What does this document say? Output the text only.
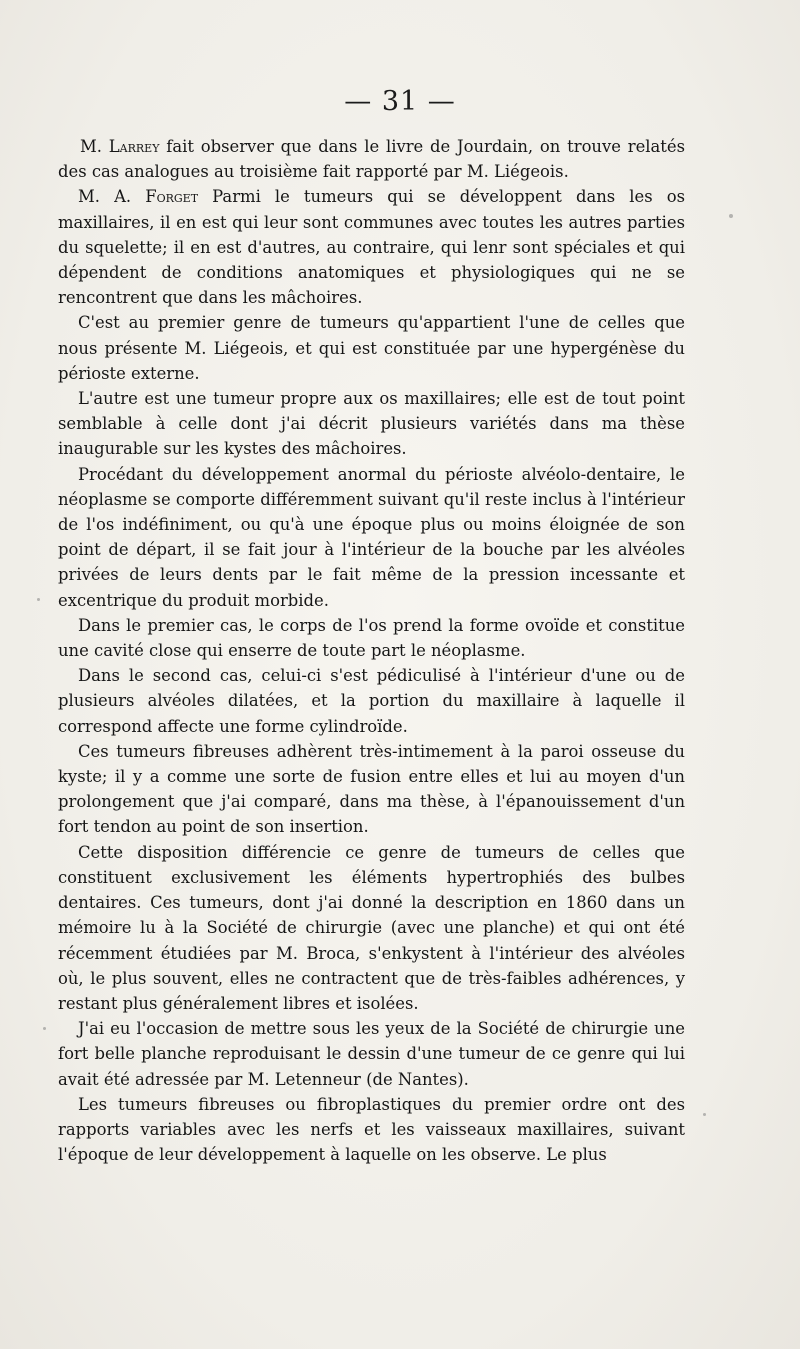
— 31 —

M. Larrey fait observer que dans le livre de Jourdain, on trouve relatés des cas analogues au troisième fait rapporté par M. Liégeois.

M. A. Forget Parmi le tumeurs qui se développent dans les os maxillaires, il en est qui leur sont communes avec toutes les autres parties du squelette; il en est d'autres, au contraire, qui lenr sont spéciales et qui dépendent de conditions anatomiques et physiologiques qui ne se rencontrent que dans les mâchoires.

C'est au premier genre de tumeurs qu'appartient l'une de celles que nous présente M. Liégeois, et qui est constituée par une hypergénèse du périoste externe.

L'autre est une tumeur propre aux os maxillaires; elle est de tout point semblable à celle dont j'ai décrit plusieurs variétés dans ma thèse inaugurable sur les kystes des mâchoires.

Procédant du développement anormal du périoste alvéolo-dentaire, le néoplasme se comporte différemment suivant qu'il reste inclus à l'intérieur de l'os indéfiniment, ou qu'à une époque plus ou moins éloignée de son point de départ, il se fait jour à l'intérieur de la bouche par les alvéoles privées de leurs dents par le fait même de la pression incessante et excentrique du produit morbide.

Dans le premier cas, le corps de l'os prend la forme ovoïde et constitue une cavité close qui enserre de toute part le néoplasme.

Dans le second cas, celui-ci s'est pédiculisé à l'intérieur d'une ou de plusieurs alvéoles dilatées, et la portion du maxillaire à laquelle il correspond affecte une forme cylindroïde.

Ces tumeurs fibreuses adhèrent très-intimement à la paroi osseuse du kyste; il y a comme une sorte de fusion entre elles et lui au moyen d'un prolongement que j'ai comparé, dans ma thèse, à l'épanouissement d'un fort tendon au point de son insertion.

Cette disposition différencie ce genre de tumeurs de celles que constituent exclusivement les éléments hypertrophiés des bulbes dentaires. Ces tumeurs, dont j'ai donné la description en 1860 dans un mémoire lu à la Société de chirurgie (avec une planche) et qui ont été récemment étudiées par M. Broca, s'enkystent à l'intérieur des alvéoles où, le plus souvent, elles ne contractent que de très-faibles adhérences, y restant plus généralement libres et isolées.

J'ai eu l'occasion de mettre sous les yeux de la Société de chirurgie une fort belle planche reproduisant le dessin d'une tumeur de ce genre qui lui avait été adressée par M. Letenneur (de Nantes).

Les tumeurs fibreuses ou fibroplastiques du premier ordre ont des rapports variables avec les nerfs et les vaisseaux maxillaires, suivant l'époque de leur développement à laquelle on les observe. Le plus
